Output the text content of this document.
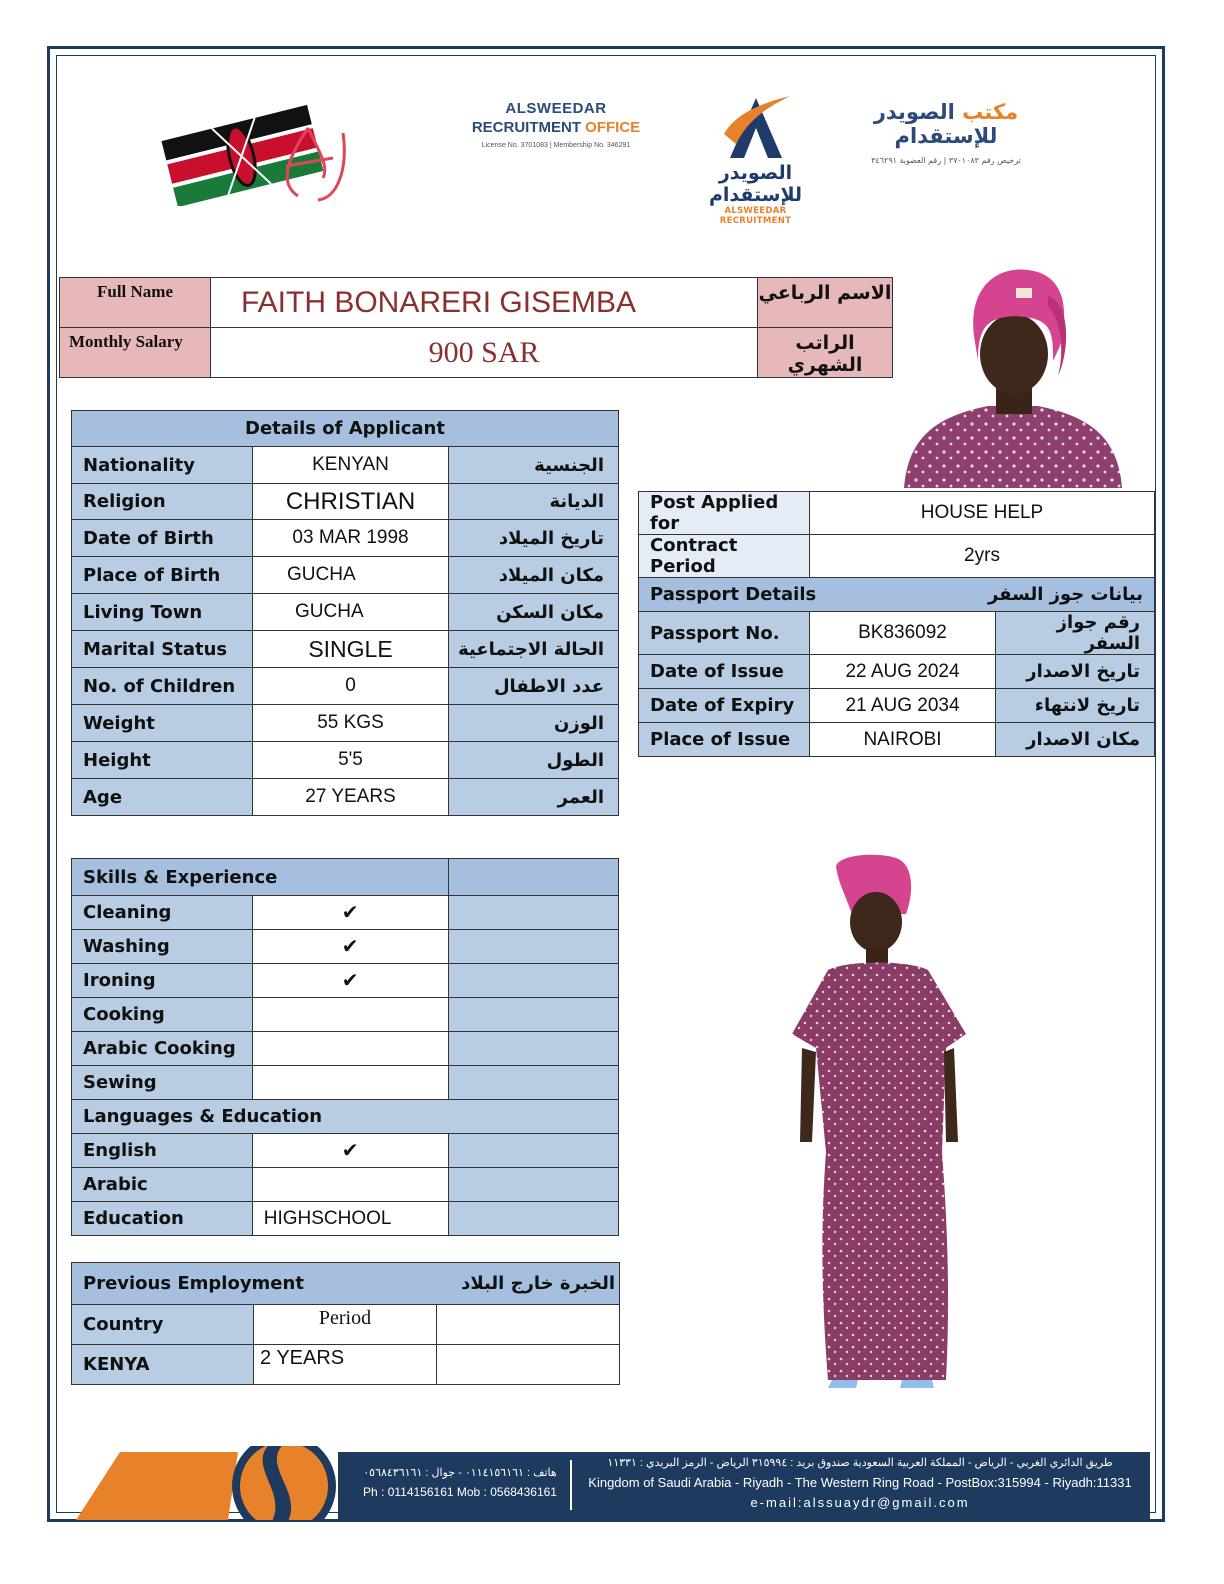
ALSWEEDAR
RECRUITMENT OFFICE
License No. 3701083 | Membership No. 346291
الصويدر للإستقدام
ALSWEEDAR RECRUITMENT
مكتب الصويدر للإستقدام
ترخيص رقم ٣٧٠١٠٨٣ | رقم العضوية ٣٤٦٢٩١
Full Name	FAITH BONARERI GISEMBA	الاسم الرباعي
Monthly Salary	900 SAR	الراتب الشهري
Details of Applicant		
Nationality	KENYAN	الجنسية
Religion	CHRISTIAN	الديانة
Date of Birth	03 MAR 1998	تاريخ الميلاد
Place of Birth	GUCHA	مكان الميلاد
Living Town	GUCHA	مكان السكن
Marital Status	SINGLE	الحالة الاجتماعية
No. of Children	0	عدد الاطفال
Weight	55 KGS	الوزن
Height	5'5	الطول
Age	27 YEARS	العمر
Post Applied for	HOUSE HELP	
Contract Period	2yrs	
Passport Details بيانات جوز السفر		

Passport No.	BK836092	رقم جواز السفر
Date of Issue	22 AUG 2024	تاريخ الاصدار
Date of Expiry	21 AUG 2034	تاريخ لانتهاء
Place of Issue	NAIROBI	مكان الاصدار
Skills & Experience		
Cleaning	✔	
Washing	✔	
Ironing	✔	
Cooking		
Arabic Cooking		
Sewing		
Languages & Education		
English	✔	
Arabic		
Education	HIGHSCHOOL	
Previous Employment الخبرة خارج البلاد		

Country	Period	
KENYA	2 YEARS	
هاتف : ٠١١٤١٥٦١٦١ - جوال : ٠٥٦٨٤٣٦١٦١
Ph : 0114156161 Mob : 0568436161
طريق الدائري الغربي - الرياض - المملكة العربية السعودية صندوق بريد : ٣١٥٩٩٤ الرياض - الرمز البريدي : ١١٣٣١
Kingdom of Saudi Arabia - Riyadh - The Western Ring Road - PostBox:315994 - Riyadh:11331
e-mail:alssuaydr@gmail.com
